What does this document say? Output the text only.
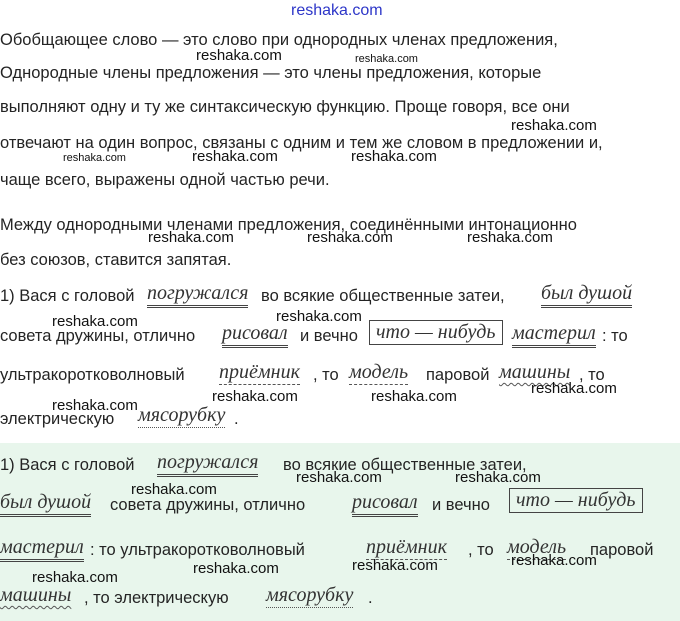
reshaka.com
Обобщающее слово — это слово при однородных членах предложения,
Однородные члены предложения — это члены предложения, которые
выполняют одну и ту же синтаксическую функцию. Проще говоря, все они
отвечают на один вопрос, связаны с одним и тем же словом в предложении и,
чаще всего, выражены одной частью речи.
Между однородными членами предложения, соединёнными интонационно
без союзов, ставится запятая.
1) Вася с головой погружался во всякие общественные затеи, был душой
совета дружины, отлично рисовал и вечно что — нибудь мастерил : то
ультракоротковолновый приёмник , то модель паровой машины , то
электрическую мясорубку .
1) Вася с головой погружался во всякие общественные затеи,
был душой совета дружины, отлично рисовал и вечно	что — нибудь
мастерил : то ультракоротковолновый	приёмник , то модель паровой
машины , то электрическую мясорубку .
reshaka.com	reshaka.com
reshaka.com
reshaka.com	reshaka.com	reshaka.com
reshaka.com	reshaka.com	reshaka.com
reshaka.com	reshaka.com
reshaka.com
reshaka.com	reshaka.com
reshaka.com
reshaka.com	reshaka.com
reshaka.com
reshaka.com
reshaka.com	reshaka.com
reshaka.com
